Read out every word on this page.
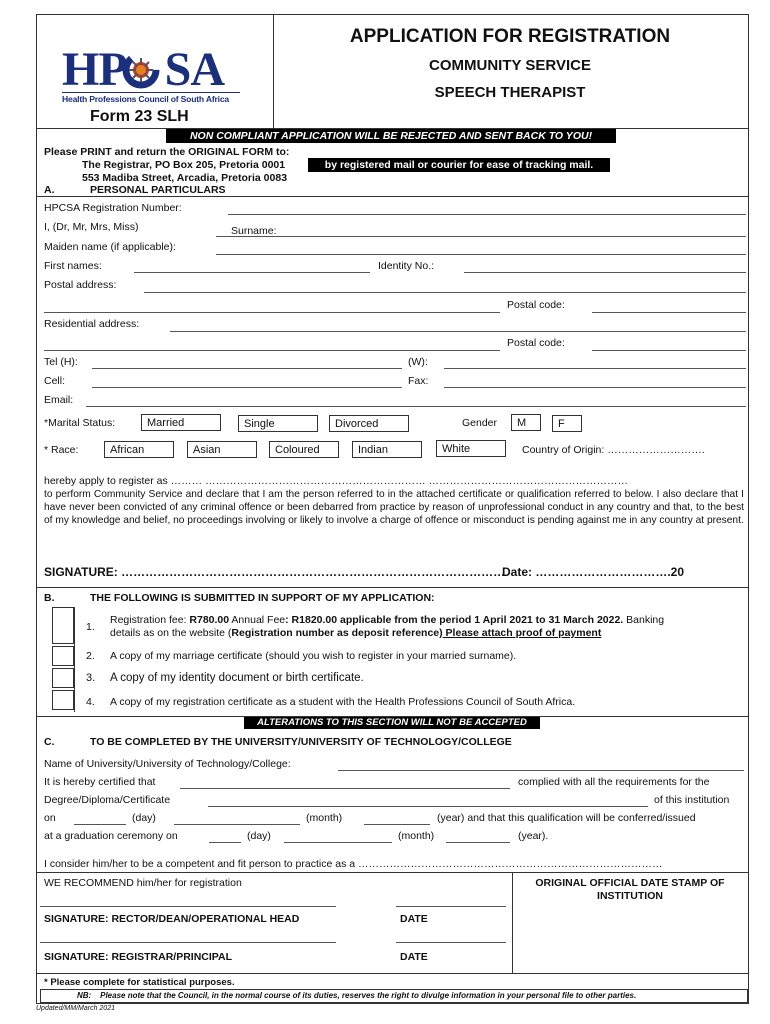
HP SA
Health Professions Council of South Africa
Form 23 SLH
APPLICATION FOR REGISTRATION
COMMUNITY SERVICE
SPEECH THERAPIST
NON COMPLIANT APPLICATION WILL BE REJECTED AND SENT BACK TO YOU!
Please PRINT and return the ORIGINAL FORM to:
The Registrar, PO Box 205, Pretoria 0001	by registered mail or courier for ease of tracking mail.
553 Madiba Street, Arcadia, Pretoria 0083
A.	PERSONAL PARTICULARS
HPCSA Registration Number:
I, (Dr, Mr, Mrs, Miss)	Surname:
Maiden name (if applicable):
First names:	Identity No.:
Postal address:
Postal code:
Residential address:
Postal code:
Tel (H):	(W):
Cell:	Fax:
Email:
*Marital Status:	Married	Single	Divorced	Gender	M	F
* Race:	African	Asian	Coloured	Indian	White	Country of Origin: ……………………….
hereby apply to register as ……… ……………………………………………………… …………………………………………………
to perform Community Service and declare that I am the person referred to in the attached certificate or qualification referred to below. I also declare that I have never been convicted of any criminal offence or been debarred from practice by reason of unprofessional conduct in any country and that, to the best of my knowledge and belief, no proceedings involving or likely to involve a charge of offence or misconduct is pending against me in any country at present.
SIGNATURE: ……………………………………………………………………………………
Date: …………………………….20
B.	THE FOLLOWING IS SUBMITTED IN SUPPORT OF MY APPLICATION:
1.
Registration fee: R780.00 Annual Fee: R1820.00 applicable from the period 1 April 2021 to 31 March 2022. Banking
details as on the website (Registration number as deposit reference) Please attach proof of payment
2. A copy of my marriage certificate (should you wish to register in your married surname).
3. A copy of my identity document or birth certificate.
4. A copy of my registration certificate as a student with the Health Professions Council of South Africa.
ALTERATIONS TO THIS SECTION WILL NOT BE ACCEPTED
C.	TO BE COMPLETED BY THE UNIVERSITY/UNIVERSITY OF TECHNOLOGY/COLLEGE
Name of University/University of Technology/College:
It is hereby certified that	complied with all the requirements for the
Degree/Diploma/Certificate	of this institution
on	(day)	(month)	(year) and that this qualification will be conferred/issued
at a graduation ceremony on	(day)	(month)	(year).
I consider him/her to be a competent and fit person to practice as a ……………………………………………………………………………
WE RECOMMEND him/her for registration	ORIGINAL OFFICIAL DATE STAMP OF INSTITUTION
SIGNATURE: RECTOR/DEAN/OPERATIONAL HEAD	DATE
SIGNATURE: REGISTRAR/PRINCIPAL	DATE
* Please complete for statistical purposes.
NB: Please note that the Council, in the normal course of its duties, reserves the right to divulge information in your personal file to other parties.
Updated/MM/March 2021
